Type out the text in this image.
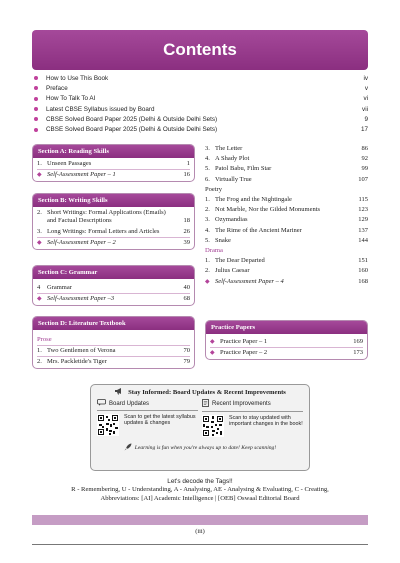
Contents
How to Use This Book	iv
Preface	v
How To Talk To AI	vi
Latest CBSE Syllabus issued by Board	vii
CBSE Solved Board Paper 2025 (Delhi & Outside Delhi Sets)	9
CBSE Solved Board Paper 2025 (Delhi & Outside Delhi Sets)	17
Section A: Reading Skills
1. Unseen Passages	1
◆ Self-Assessment Paper – 1	16
Section B: Writing Skills
2. Short Writings: Formal Applications (Emails) and Factual Descriptions	18
3. Long Writings: Formal Letters and Articles	26
◆ Self-Assessment Paper – 2	39
Section C: Grammar
4	Grammar	40
◆ Self-Assessment Paper –3	68
Section D: Literature Textbook
Prose
1. Two Gentlemen of Verona	70
2. Mrs. Packletide's Tiger	79
3. The Letter	86
4. A Shady Plot	92
5. Patol Babu, Film Star	99
6. Virtually True	107
Poetry
1. The Frog and the Nightingale	115
2. Not Marble, Nor the Gilded Monuments	123
3. Ozymandias	129
4. The Rime of the Ancient Mariner	137
5. Snake	144
Drama
1. The Dear Departed	151
2. Julius Caesar	160
◆ Self-Assessment Paper – 4	168
Practice Papers
◆ Practice Paper – 1	169
◆ Practice Paper – 2	173
Stay Informed: Board Updates & Recent Improvements
Board Updates
Scan to get the latest syllabus updates & changes
Recent Improvements
Scan to stay updated with important changes in the book!
Learning is fun when you're always up to date! Keep scanning!
Let's decode the Tags!!
R - Remembering, U - Understanding, A - Analysing, AE - Analysing & Evaluating, C - Creating,
Abbreviations: [AI] Academic Intelligence | [OEB] Oswaal Editorial Board
(iii)
